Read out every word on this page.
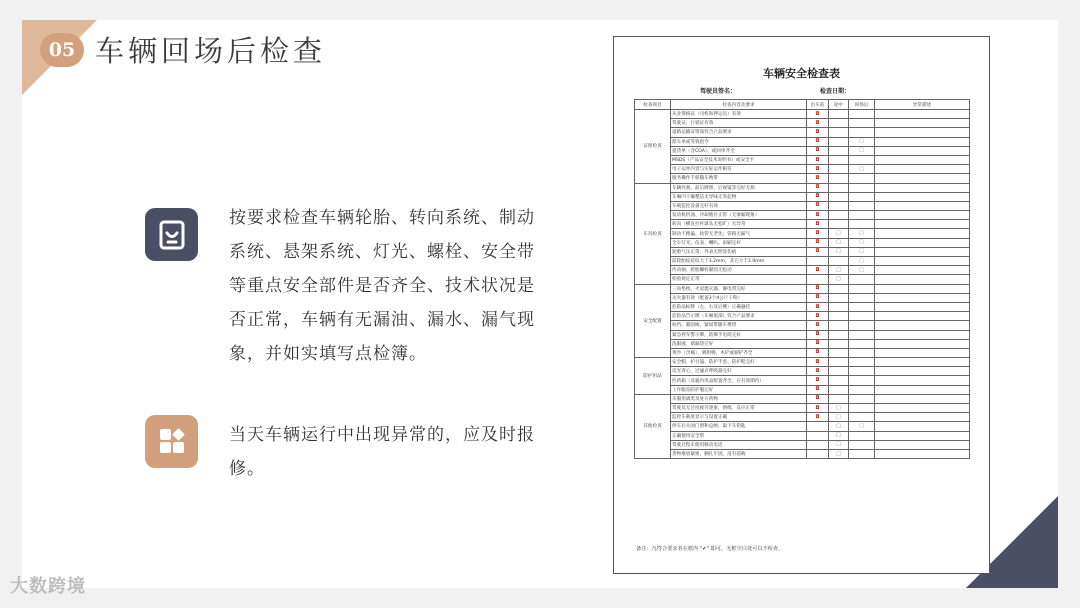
05 车辆回场后检查
按要求检查车辆轮胎、转向系统、制动系统、悬架系统、灯光、螺栓、安全带等重点安全部件是否齐全、技术状况是否正常，车辆有无漏油、漏水、漏气现象，并如实填写点检簿。
当天车辆运行中出现异常的，应及时报修。
大数跨境
车辆安全检查表
驾驶员签名：	检查日期：
检查项目	检查内容及要求	出车前	途中	回场后	异常描述
证照检查	从业资格证（司机和押运员）有效	◘			
	驾驶证、行驶证有效	◘			
	道路运输证资质符合产品要求	◘			
	派车单或等效指令	◘		□	
	提货单（含COA）、或回单齐全	◘		□	
	MSDS（产品安全技术说明书）或安全卡	◘			
	电子运单内容与实际运作相符	◘		□	
	服务操作手册随车携带	◘			
车况检查	车辆外观、前后牌照、后视镜等完好无损	◘			
	车厢内干燥整洁无异味无突起物	◘			
	车载监控设备完好有效	◘			
	发动机机油、冷却液位正常（无渗漏现象）	◘			
	转向（横直拉杆球头无松旷）无异常	◘			
	制动不跑偏、软管无老化；管路无漏气	◘	□	□	
	全车灯光、仪表、喇叭、雨刷完好	◘	□	□	
	轮胎气压正常、外表无明显伤痕	◘	□	□	
	前轮胎纹花纹大于3.2mm，其它大于2.0mm			□	
	传动轴、轮胎螺栓紧固无松动	◘	□	□	
	检验规定正常		□		
安全配置	三角垫枕，火星熄灭器，静电带完好	◘			
	灭火器有效（配备3个4公斤干粉）	◘			
	危险品标牌（左、右及后侧）正确悬挂	◘			
	危险品告示牌（车厢尾部）符合产品要求	◘			
	栓挡、紧固绳、紧固带随车携带	◘			
	紧急停车警示牌，防爆手电筒完好	◘			
	洗眼液、堵漏袋完好	◘			
	黄沙（含桶）、吸附棉、木铲或铜铲齐全	◘			
防护用品	安全帽、护目镜、防护手套、防护鞋完好	◘			
	反光背心，过滤式呼吸器完好	◘			
	医药箱（及箱内用品配置齐全、在有效期内）	◘			
	工作服及防护服完好	◘			
其他检查	未服用酒类及处方药物	◘			
	驾驶员无过度疲劳迹象，情绪、反应正常	◘	□		
	监控车载度显示与设置正确	◘	□		
	停车后关闭门窗和总闸，取下车钥匙		□	□	
	正确使用安全带		□		
	驾驶过程未使用移动电话		□		
	货物堆放紧密，捆扎牢固，没有超载		□		
备注：凡符合要求者在框内 "✔" 即可，无框空白处可以不检查。
